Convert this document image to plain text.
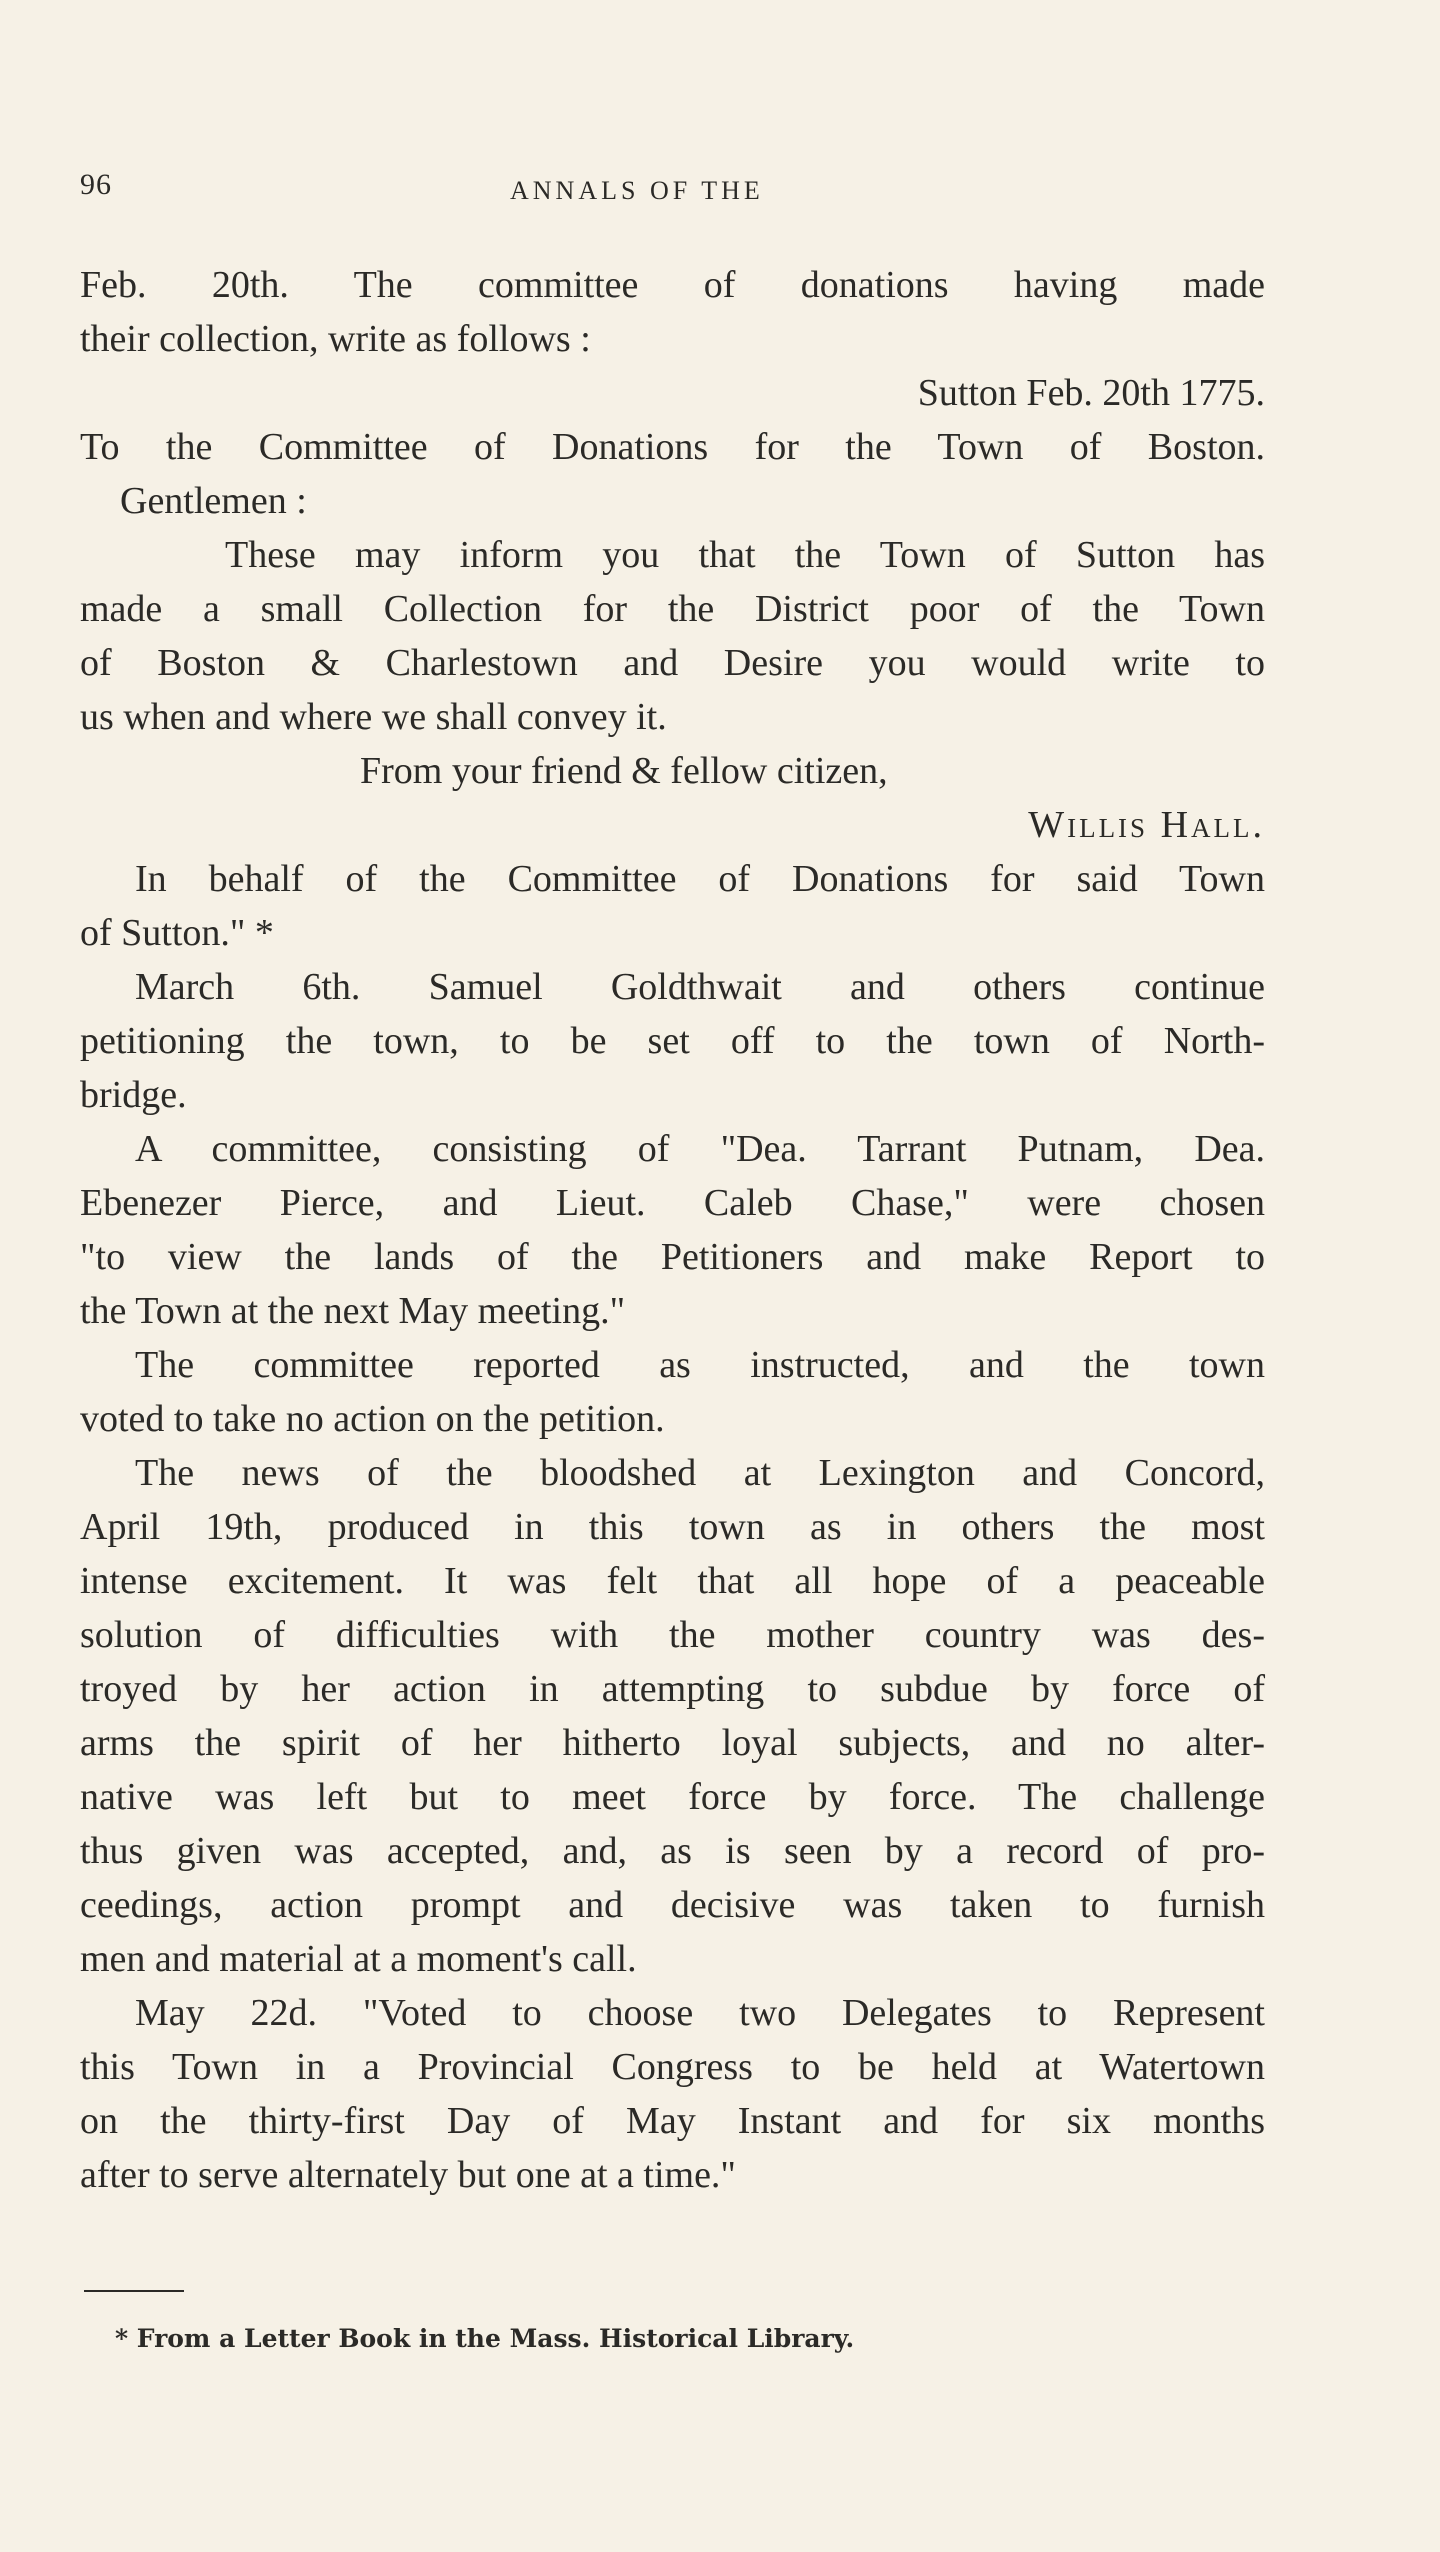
96	ANNALS OF THE
Feb. 20th. The committee of donations having made
their collection, write as follows :
Sutton Feb. 20th 1775.
To the Committee of Donations for the Town of Boston.
Gentlemen :
These may inform you that the Town of Sutton has
made a small Collection for the District poor of the Town
of Boston & Charlestown and Desire you would write to
us when and where we shall convey it.
From your friend & fellow citizen,
Willis Hall.
In behalf of the Committee of Donations for said Town
of Sutton." *
March 6th. Samuel Goldthwait and others continue
petitioning the town, to be set off to the town of North-
bridge.
A committee, consisting of "Dea. Tarrant Putnam, Dea.
Ebenezer Pierce, and Lieut. Caleb Chase," were chosen
"to view the lands of the Petitioners and make Report to
the Town at the next May meeting."
The committee reported as instructed, and the town
voted to take no action on the petition.
The news of the bloodshed at Lexington and Concord,
April 19th, produced in this town as in others the most
intense excitement. It was felt that all hope of a peaceable
solution of difficulties with the mother country was des-
troyed by her action in attempting to subdue by force of
arms the spirit of her hitherto loyal subjects, and no alter-
native was left but to meet force by force. The challenge
thus given was accepted, and, as is seen by a record of pro-
ceedings, action prompt and decisive was taken to furnish
men and material at a moment's call.
May 22d. "Voted to choose two Delegates to Represent
this Town in a Provincial Congress to be held at Watertown
on the thirty-first Day of May Instant and for six months
after to serve alternately but one at a time."
* From a Letter Book in the Mass. Historical Library.
